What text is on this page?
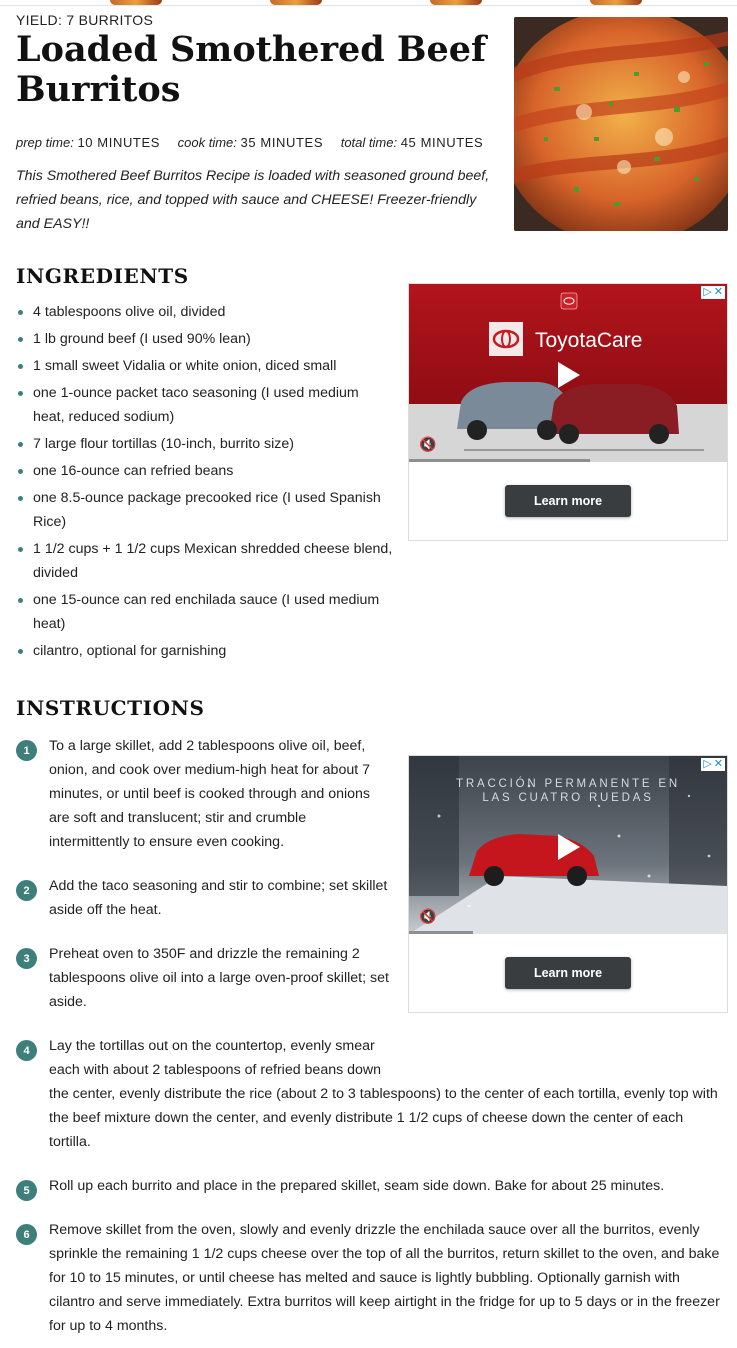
YIELD: 7 BURRITOS
Loaded Smothered Beef Burritos
prep time: 10 MINUTES cook time: 35 MINUTES total time: 45 MINUTES

This Smothered Beef Burritos Recipe is loaded with seasoned ground beef, refried beans, rice, and topped with sauce and CHEESE! Freezer-friendly and EASY!!

INGREDIENTS
4 tablespoons olive oil, divided
1 lb ground beef (I used 90% lean)
1 small sweet Vidalia or white onion, diced small
one 1-ounce packet taco seasoning (I used medium heat, reduced sodium)
7 large flour tortillas (10-inch, burrito size)
one 16-ounce can refried beans
one 8.5-ounce package precooked rice (I used Spanish Rice)
1 1/2 cups + 1 1/2 cups Mexican shredded cheese blend, divided
one 15-ounce can red enchilada sauce (I used medium heat)
cilantro, optional for garnishing
ToyotaCare
🔇
▷ ✕
Learn more
INSTRUCTIONS
TRACCIÓN PERMANENTE EN
LAS CUATRO RUEDAS
🔇
▷ ✕
Learn more
1	To a large skillet, add 2 tablespoons olive oil, beef, onion, and cook over medium-high heat for about 7 minutes, or until beef is cooked through and onions are soft and translucent; stir and crumble intermittently to ensure even cooking.
2	Add the taco seasoning and stir to combine; set skillet aside off the heat.
3	Preheat oven to 350F and drizzle the remaining 2 tablespoons olive oil into a large oven-proof skillet; set aside.
4	Lay the tortillas out on the countertop, evenly smear each with about 2 tablespoons of refried beans down the center, evenly distribute the rice (about 2 to 3 tablespoons) to the center of each tortilla, evenly top with the beef mixture down the center, and evenly distribute 1 1/2 cups of cheese down the center of each tortilla.
5	Roll up each burrito and place in the prepared skillet, seam side down. Bake for about 25 minutes.
6	Remove skillet from the oven, slowly and evenly drizzle the enchilada sauce over all the burritos, evenly sprinkle the remaining 1 1/2 cups cheese over the top of all the burritos, return skillet to the oven, and bake for 10 to 15 minutes, or until cheese has melted and sauce is lightly bubbling. Optionally garnish with cilantro and serve immediately. Extra burritos will keep airtight in the fridge for up to 5 days or in the freezer for up to 4 months.
